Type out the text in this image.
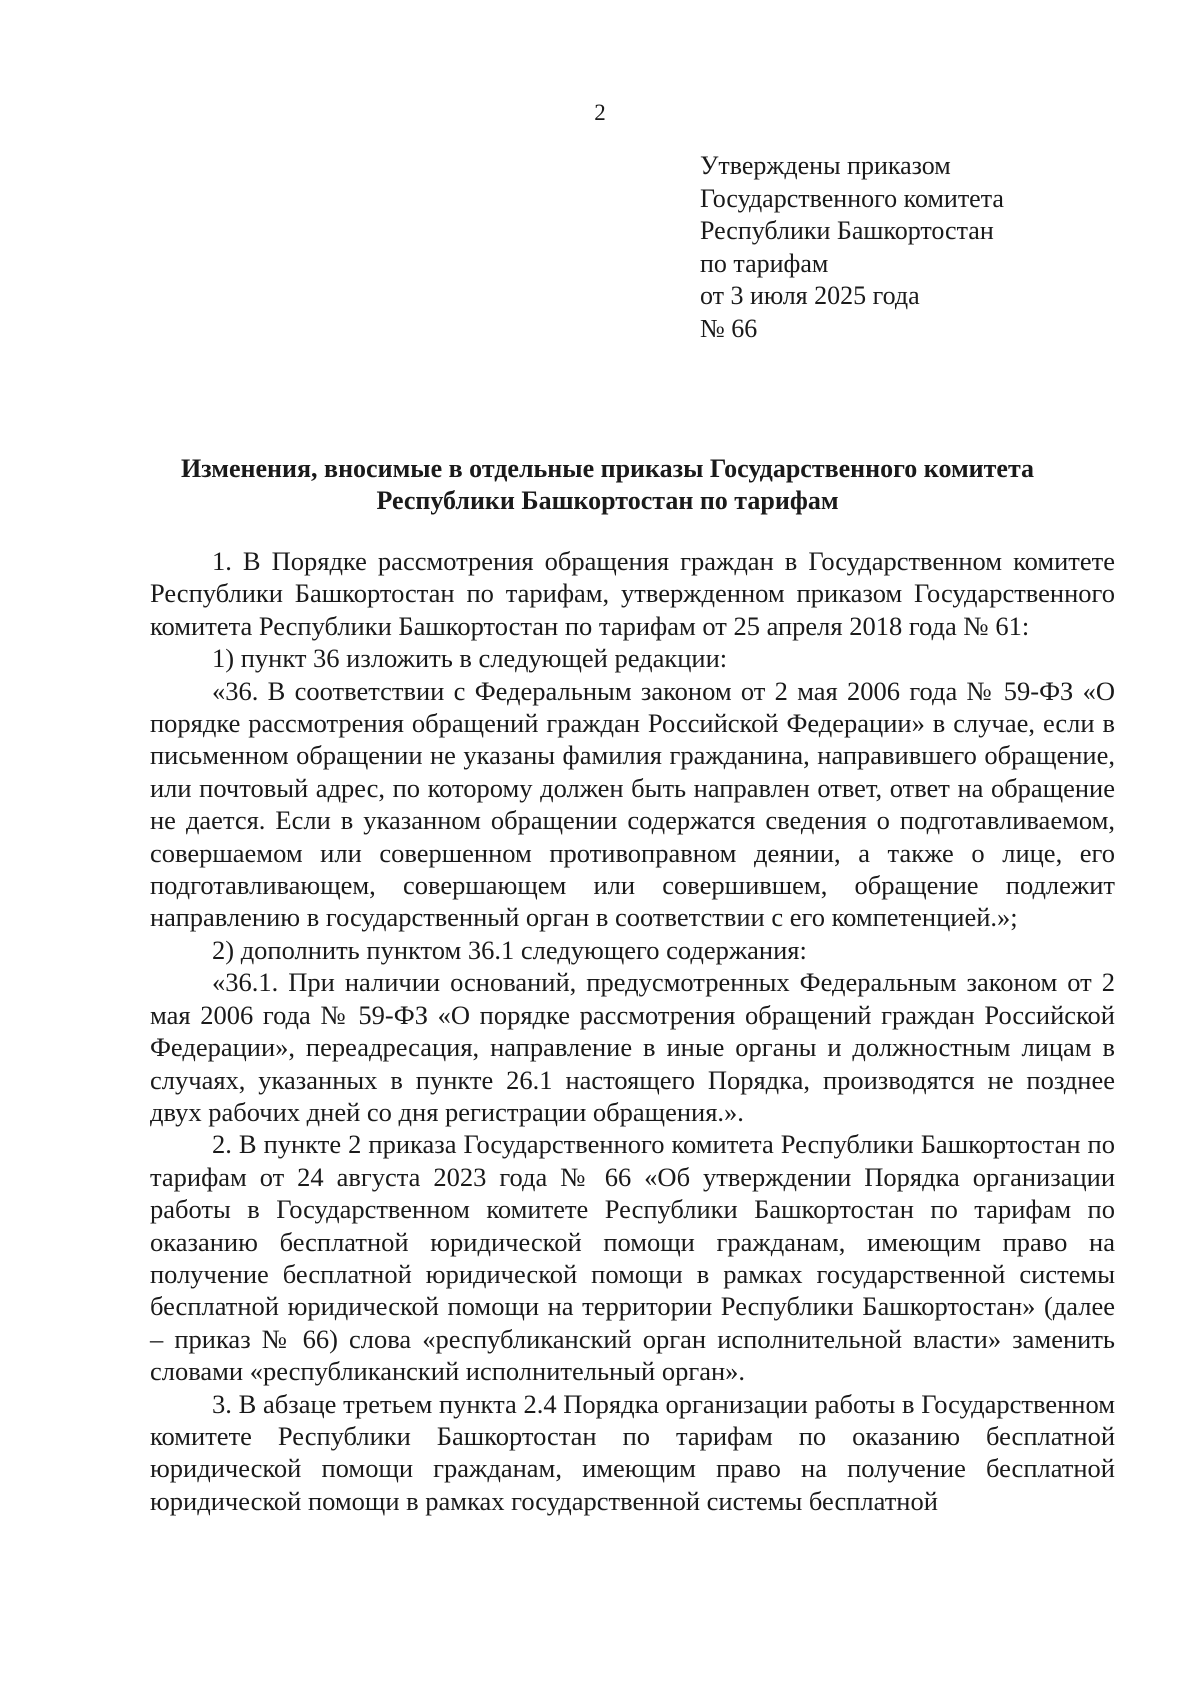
2
Утверждены приказом
Государственного комитета
Республики Башкортостан
по тарифам
от 3 июля 2025 года
№ 66
Изменения, вносимые в отдельные приказы Государственного комитета
Республики Башкортостан по тарифам

1. В Порядке рассмотрения обращения граждан в Государственном комитете Республики Башкортостан по тарифам, утвержденном приказом Государственного комитета Республики Башкортостан по тарифам от 25 апреля 2018 года № 61:

1) пункт 36 изложить в следующей редакции:

«36. В соответствии с Федеральным законом от 2 мая 2006 года № 59-ФЗ «О порядке рассмотрения обращений граждан Российской Федерации» в случае, если в письменном обращении не указаны фамилия гражданина, направившего обращение, или почтовый адрес, по которому должен быть направлен ответ, ответ на обращение не дается. Если в указанном обращении содержатся сведения о подготавливаемом, совершаемом или совершенном противоправном деянии, а также о лице, его подготавливающем, совершающем или совершившем, обращение подлежит направлению в государственный орган в соответствии с его компетенцией.»;

2) дополнить пунктом 36.1 следующего содержания:

«36.1. При наличии оснований, предусмотренных Федеральным законом от 2 мая 2006 года № 59-ФЗ «О порядке рассмотрения обращений граждан Российской Федерации», переадресация, направление в иные органы и должностным лицам в случаях, указанных в пункте 26.1 настоящего Порядка, производятся не позднее двух рабочих дней со дня регистрации обращения.».

2. В пункте 2 приказа Государственного комитета Республики Башкортостан по тарифам от 24 августа 2023 года № 66 «Об утверждении Порядка организации работы в Государственном комитете Республики Башкортостан по тарифам по оказанию бесплатной юридической помощи гражданам, имеющим право на получение бесплатной юридической помощи в рамках государственной системы бесплатной юридической помощи на территории Республики Башкортостан» (далее – приказ № 66) слова «республиканский орган исполнительной власти» заменить словами «республиканский исполнительный орган».

3. В абзаце третьем пункта 2.4 Порядка организации работы в Государственном комитете Республики Башкортостан по тарифам по оказанию бесплатной юридической помощи гражданам, имеющим право на получение бесплатной юридической помощи в рамках государственной системы бесплатной
